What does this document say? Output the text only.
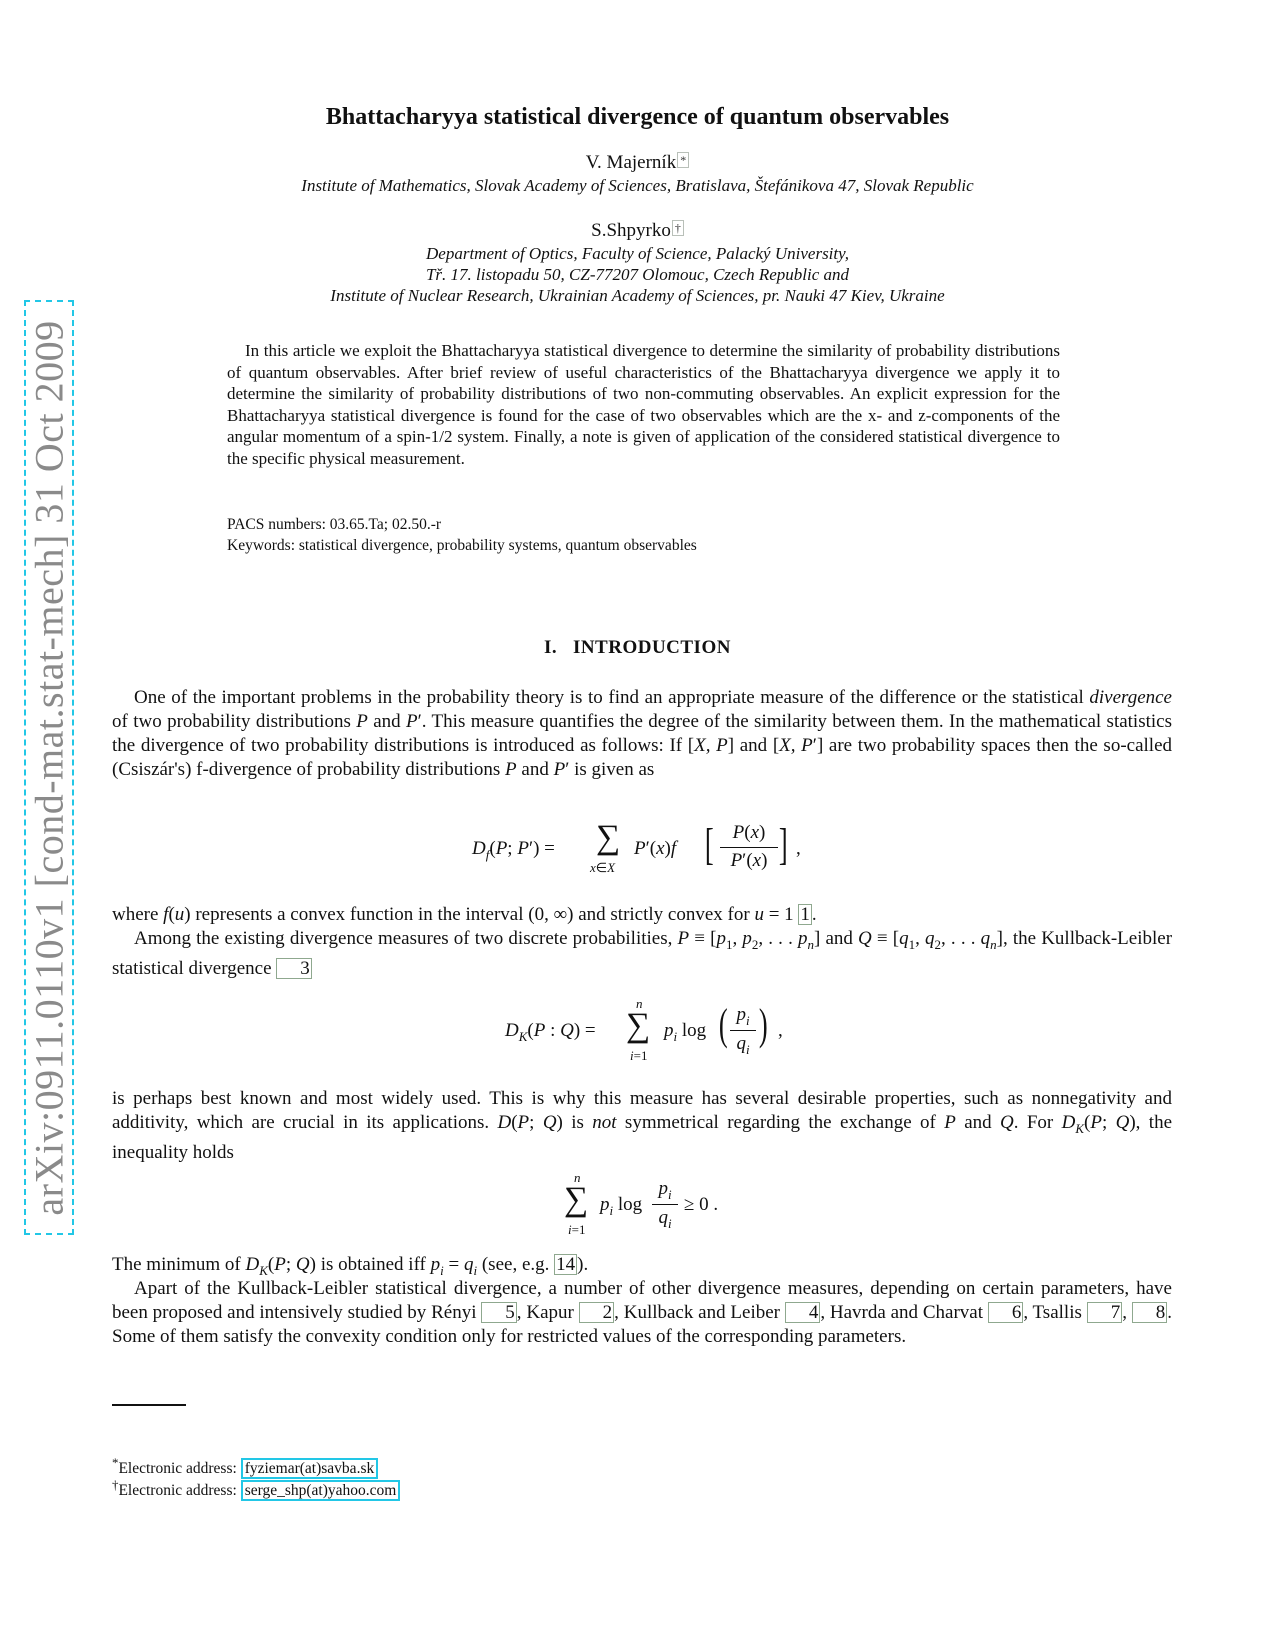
arXiv:0911.0110v1 [cond-mat.stat-mech] 31 Oct 2009
Bhattacharyya statistical divergence of quantum observables
V. Majerník *
Institute of Mathematics, Slovak Academy of Sciences, Bratislava, Štefánikova 47, Slovak Republic
S.Shpyrko †
Department of Optics, Faculty of Science, Palacký University,
Tř. 17. listopadu 50, CZ-77207 Olomouc, Czech Republic and
Institute of Nuclear Research, Ukrainian Academy of Sciences, pr. Nauki 47 Kiev, Ukraine
In this article we exploit the Bhattacharyya statistical divergence to determine the similarity of probability distributions of quantum observables. After brief review of useful characteristics of the Bhattacharyya divergence we apply it to determine the similarity of probability distributions of two non-commuting observables. An explicit expression for the Bhattacharyya statistical divergence is found for the case of two observables which are the x- and z-components of the angular momentum of a spin-1/2 system. Finally, a note is given of application of the considered statistical divergence to the specific physical measurement.
PACS numbers: 03.65.Ta; 02.50.-r
Keywords: statistical divergence, probability systems, quantum observables
I. INTRODUCTION
One of the important problems in the probability theory is to find an appropriate measure of the difference or the statistical divergence of two probability distributions P and P′. This measure quantifies the degree of the similarity between them. In the mathematical statistics the divergence of two probability distributions is introduced as follows: If [X, P] and [X, P′] are two probability spaces then the so-called (Csiszár's) f-divergence of probability distributions P and P′ is given as
$D_f(P$; P′) = ∑
x∈X
P′(x)f [ P(x)
P′(x) ] ,
where f(u) represents a convex function in the interval (0, ∞) and strictly convex for u = 1 1 .
Among the existing divergence measures of two discrete probabilities, $P \equiv [p_1$, $p_2$, . . . $p_n$] and $Q \equiv [q_1$, $q_2$, . . . $q_n$], the Kullback-Leibler statistical divergence 3
$D_K(P$ : Q) =
n
∑
i=1
$p_i$ log ( $p_i$
$q_i$
) ,
is perhaps best known and most widely used. This is why this measure has several desirable properties, such as nonnegativity and additivity, which are crucial in its applications. D(P; Q) is not symmetrical regarding the exchange of P and Q. For $D_K(P$; Q), the inequality holds
n
∑
i=1
$p_i$ log
$p_i$
$q_i$
≥ 0 .
The minimum of $D_K(P$; Q) is obtained iff $p_i = q_i$ (see, e.g. 14 ).
Apart of the Kullback-Leibler statistical divergence, a number of other divergence measures, depending on certain parameters, have been proposed and intensively studied by Rényi 5 , Kapur 2 , Kullback and Leiber 4 , Havrda and Charvat 6 , Tsallis 7 , 8 . Some of them satisfy the convexity condition only for restricted values of the corresponding parameters.
*Electronic address: fyziemar(at)savba.sk
†Electronic address: serge_shp(at)yahoo.com
